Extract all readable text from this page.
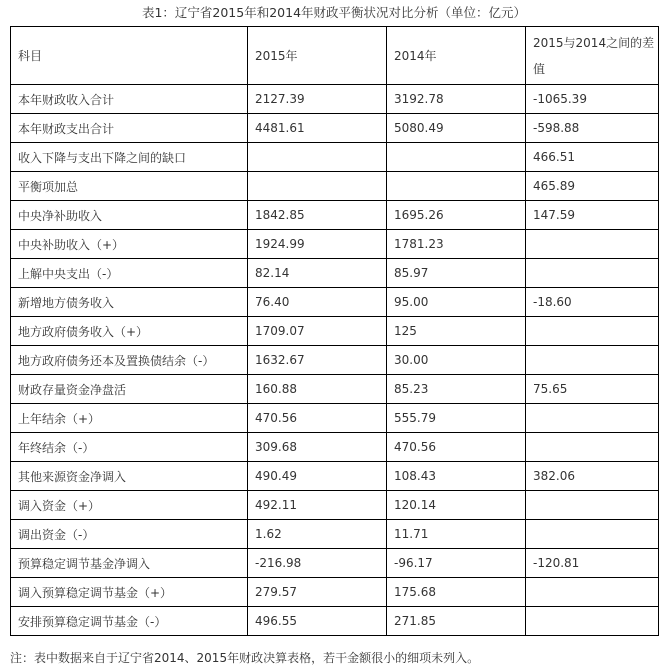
表1：辽宁省2015年和2014年财政平衡状况对比分析（单位：亿元）
科目	2015年	2014年	2015与2014之间的差值
本年财政收入合计	2127.39	3192.78	-1065.39
本年财政支出合计	4481.61	5080.49	-598.88
收入下降与支出下降之间的缺口			466.51
平衡项加总			465.89
中央净补助收入	1842.85	1695.26	147.59
中央补助收入（+）	1924.99	1781.23	
上解中央支出（-）	82.14	85.97	
新增地方债务收入	76.40	95.00	-18.60
地方政府债务收入（+）	1709.07	125	
地方政府债务还本及置换债结余（-）	1632.67	30.00	
财政存量资金净盘活	160.88	85.23	75.65
上年结余（+）	470.56	555.79	
年终结余（-）	309.68	470.56	
其他来源资金净调入	490.49	108.43	382.06
调入资金（+）	492.11	120.14	
调出资金（-）	1.62	11.71	
预算稳定调节基金净调入	-216.98	-96.17	-120.81
调入预算稳定调节基金（+）	279.57	175.68	
安排预算稳定调节基金（-）	496.55	271.85	
注：表中数据来自于辽宁省2014、2015年财政决算表格，若干金额很小的细项未列入。
